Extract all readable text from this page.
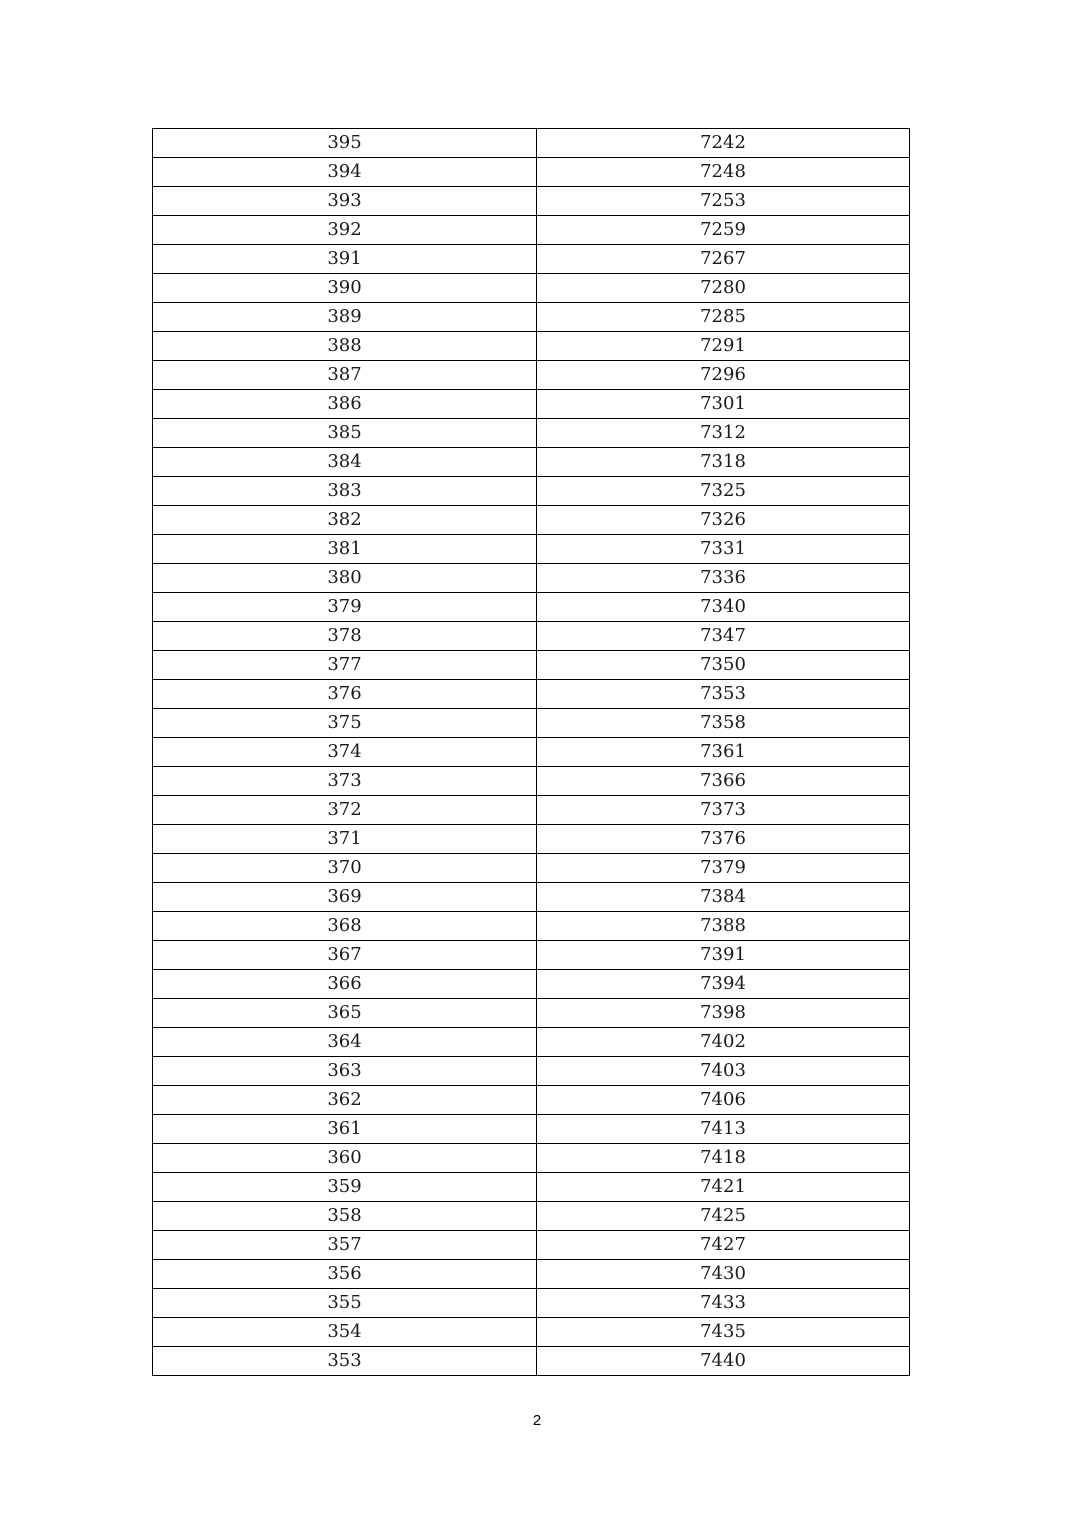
395	7242
394	7248
393	7253
392	7259
391	7267
390	7280
389	7285
388	7291
387	7296
386	7301
385	7312
384	7318
383	7325
382	7326
381	7331
380	7336
379	7340
378	7347
377	7350
376	7353
375	7358
374	7361
373	7366
372	7373
371	7376
370	7379
369	7384
368	7388
367	7391
366	7394
365	7398
364	7402
363	7403
362	7406
361	7413
360	7418
359	7421
358	7425
357	7427
356	7430
355	7433
354	7435
353	7440
2
